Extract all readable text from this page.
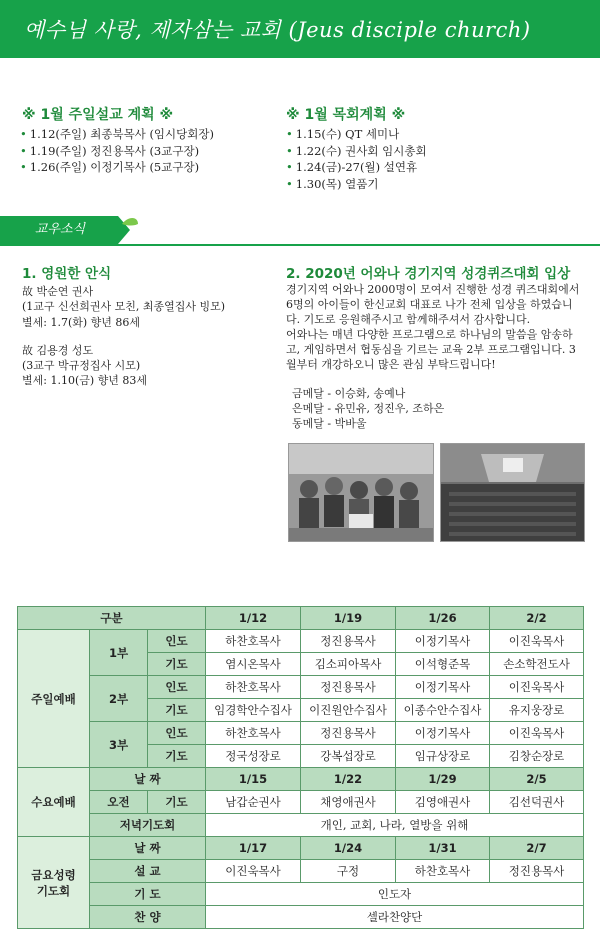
예수님 사랑, 제자삼는 교회 (Jeus disciple church)
※ 1월 주일설교 계획 ※
• 1.12(주일) 최종북목사 (임시당회장)
• 1.19(주일) 정진용목사 (3교구장)
• 1.26(주일) 이정기목사 (5교구장)
※ 1월 목회계획 ※
• 1.15(수) QT 세미나
• 1.22(수) 권사회 임시총회
• 1.24(금)-27(월) 설연휴
• 1.30(목) 열품기
교우소식
1. 영원한 안식
故 박순연 권사
(1교구 신선희권사 모친, 최종열집사 빙모)
별세: 1.7(화) 향년 86세
故 김용경 성도
(3교구 박규정집사 시모)
별세: 1.10(금) 향년 83세
2. 2020년 어와나 경기지역 성경퀴즈대회 입상
경기지역 어와나 2000명이 모여서 진행한 성경 퀴즈대회에서
6명의 아이들이 한신교회 대표로 나가 전체 입상을 하였습니
다. 기도로 응원해주시고 함께해주셔서 감사합니다.
어와나는 매년 다양한 프로그램으로 하나님의 말씀을 암송하
고, 게임하면서 협동심을 기르는 교육 2부 프로그램입니다. 3
월부터 개강하오니 많은 관심 부탁드립니다!
금메달 - 이승화, 송예나
은메달 - 유민유, 정진우, 조하은
동메달 - 박바울
구분			1/12	1/19	1/26	2/2
주일예배	1부	인도	하찬호목사	정진용목사	이정기목사	이진욱목사
		기도	염시온목사	김소피아목사	이석형준목	손소학전도사
	2부	인도	하찬호목사	정진용목사	이정기목사	이진욱목사
		기도	임경학안수집사	이진원안수집사	이종수안수집사	유지웅장로
	3부	인도	하찬호목사	정진용목사	이정기목사	이진욱목사
		기도	정국성장로	강복섭장로	임규상장로	김창순장로
수요예배	날 짜		1/15	1/22	1/29	2/5
	오전	기도	남갑순권사	채영애권사	김영애권사	김선덕권사
	저녁기도회		개인, 교회, 나라, 열방을 위해			
금요성령
기도회	날 짜		1/17	1/24	1/31	2/7
	설 교		이진욱목사	구정	하찬호목사	정진용목사
	기 도		인도자			
	찬 양		셀라찬양단			
